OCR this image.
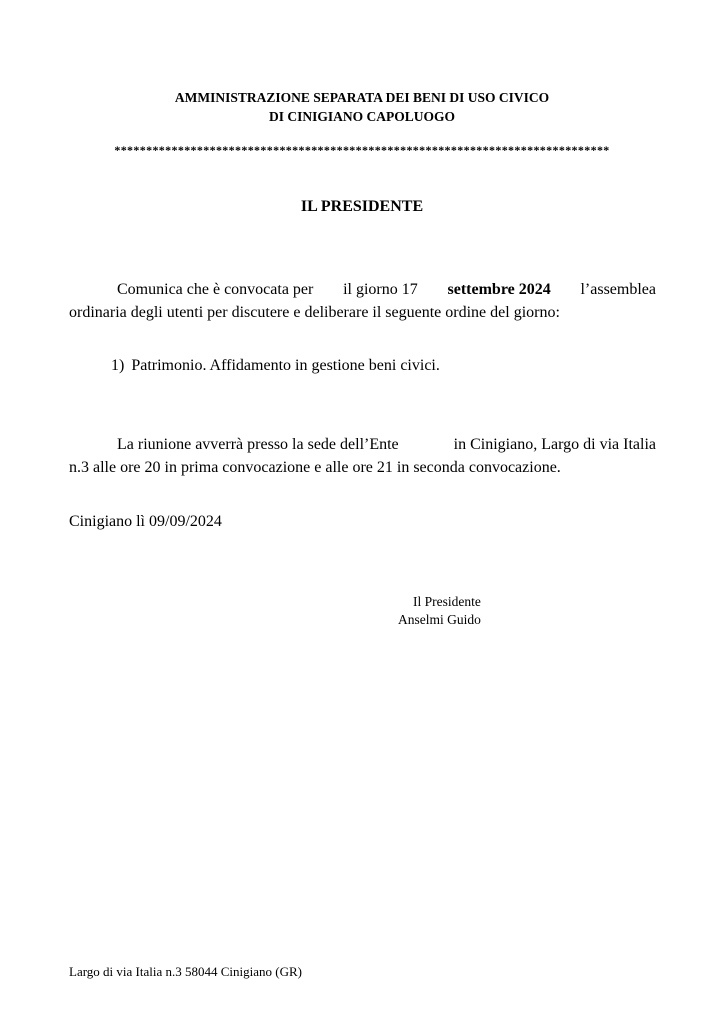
AMMINISTRAZIONE SEPARATA DEI BENI DI USO CIVICO
DI CINIGIANO CAPOLUOGO
******************************************************************************
IL PRESIDENTE
Comunica che è convocata per il giorno 17 settembre 2024 l’assemblea
ordinaria degli utenti per discutere e deliberare il seguente ordine del giorno:
1) Patrimonio. Affidamento in gestione beni civici.
La riunione avverrà presso la sede dell’Ente	in Cinigiano, Largo di via Italia
n.3 alle ore 20 in prima convocazione e alle ore 21 in seconda convocazione.
Cinigiano lì 09/09/2024
Il Presidente
Anselmi Guido
Largo di via Italia n.3 58044 Cinigiano (GR)
